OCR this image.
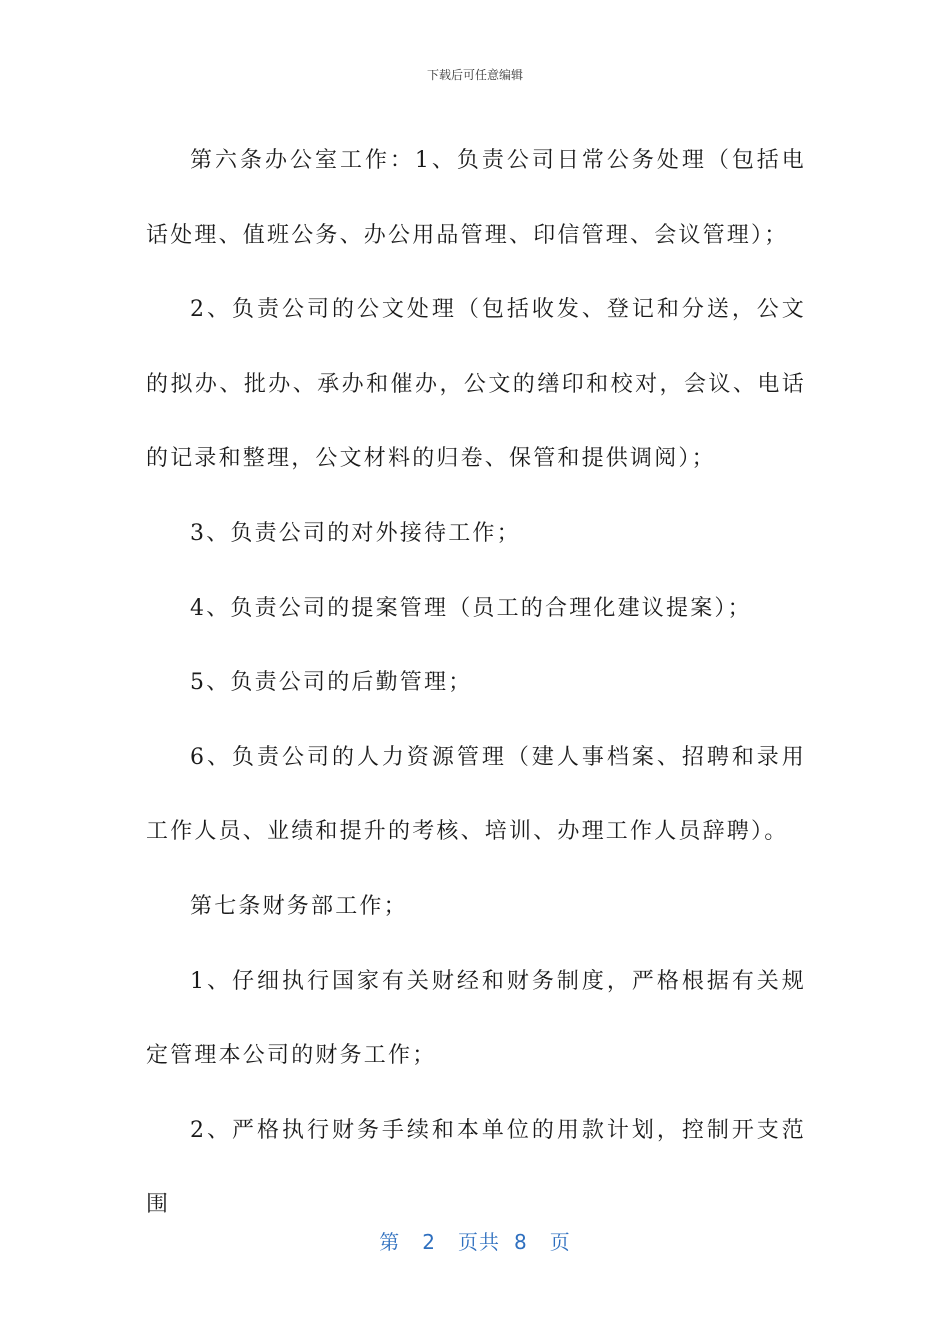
下载后可任意编辑

第六条办公室工作：1、负责公司日常公务处理（包括电话处理、值班公务、办公用品管理、印信管理、会议管理）；

2、负责公司的公文处理（包括收发、登记和分送，公文的拟办、批办、承办和催办，公文的缮印和校对，会议、电话的记录和整理，公文材料的归卷、保管和提供调阅）；

3、负责公司的对外接待工作；

4、负责公司的提案管理（员工的合理化建议提案）；

5、负责公司的后勤管理；

6、负责公司的人力资源管理（建人事档案、招聘和录用工作人员、业绩和提升的考核、培训、办理工作人员辞聘）。

第七条财务部工作；

1、仔细执行国家有关财经和财务制度，严格根据有关规定管理本公司的财务工作；

2、严格执行财务手续和本单位的用款计划，控制开支范围

第 2 页共 8 页
